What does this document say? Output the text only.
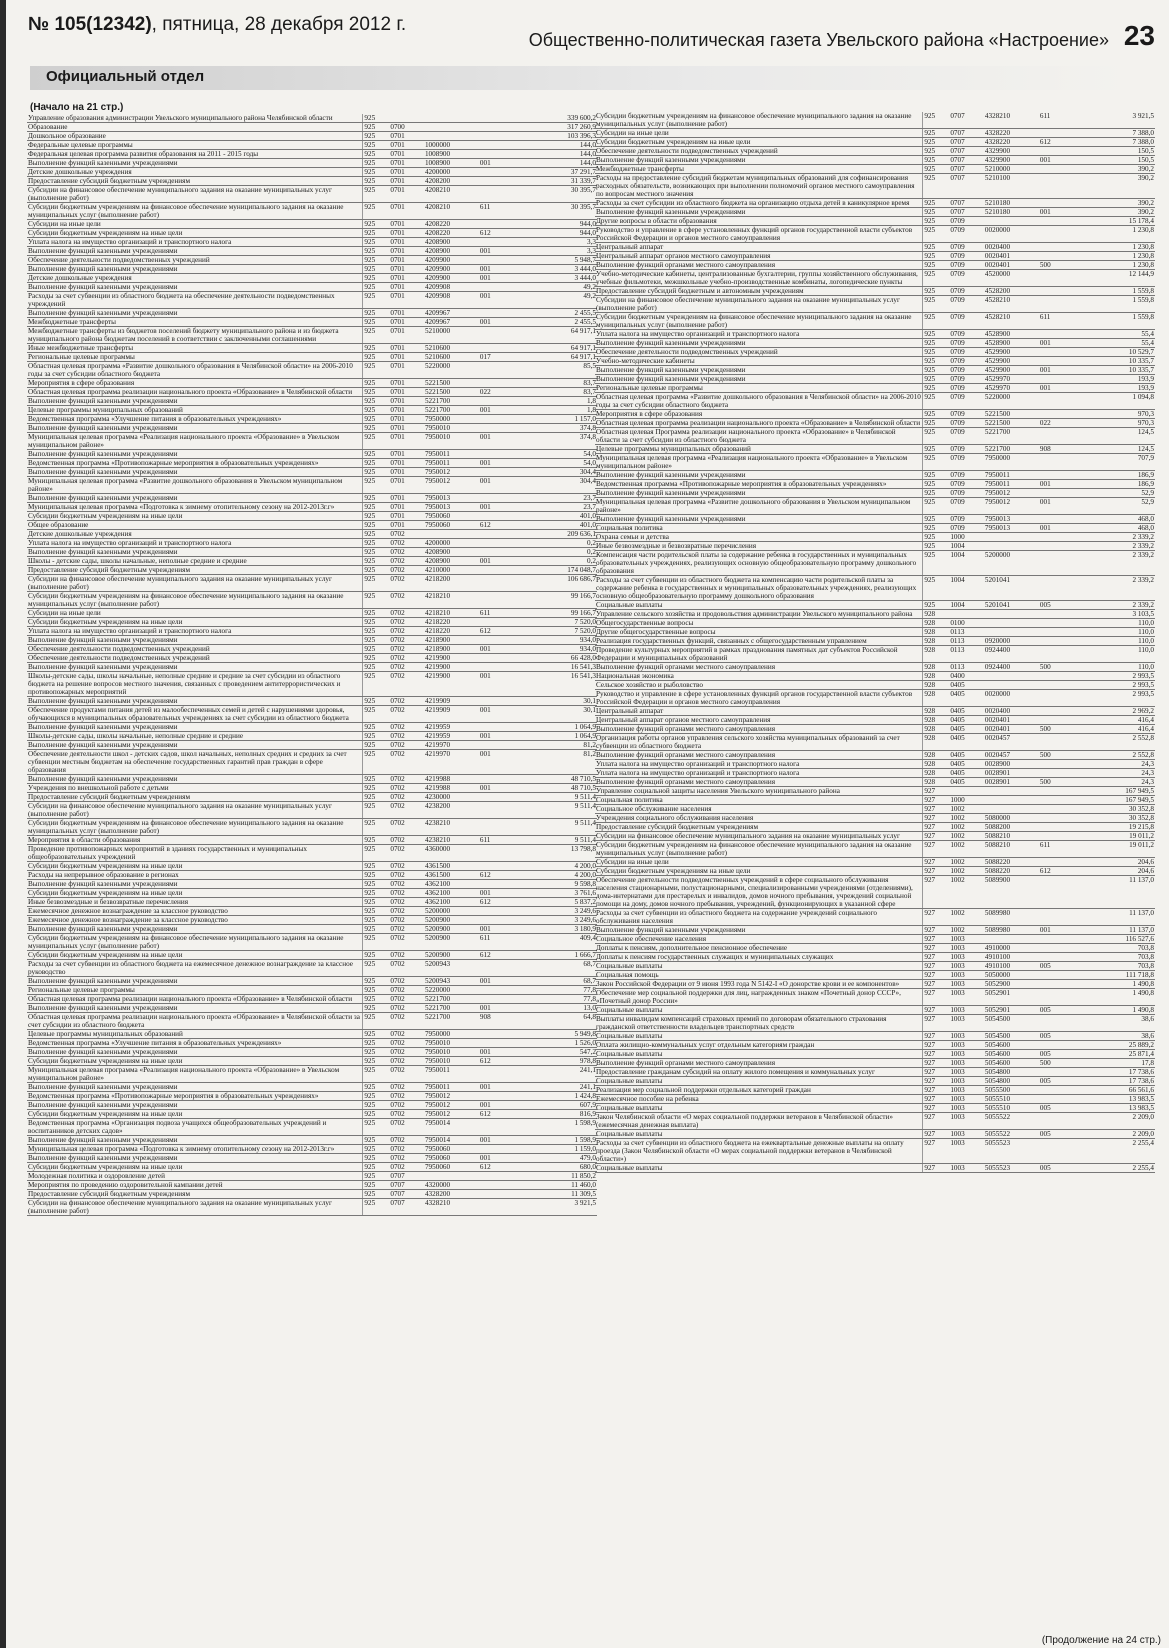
№ 105(12342), пятница, 28 декабря 2012 г.
Общественно-политическая газета Увельского района «Настроение» 23
Официальный отдел
(Начало на 21 стр.)
Управление образования администрации Увельского муниципального района Челябинской области	925				339 600,2
Образование	925	0700			317 260,9
Дошкольное образование	925	0701			103 396,3
Федеральные целевые программы	925	0701	1000000		144,0
Федеральная целевая программа развития образования на 2011 - 2015 годы	925	0701	1008900		144,0
Выполнение функций казенными учреждениями	925	0701	1008900	001	144,0
Детские дошкольные учреждения	925	0701	4200000		37 291,7
Предоставление субсидий бюджетным учреждениям	925	0701	4208200		31 339,7
Субсидии на финансовое обеспечение муниципального задания на оказание муниципальных услуг (выполнение работ)	925	0701	4208210		30 395,7
Субсидии бюджетным учреждениям на финансовое обеспечение муниципального задания на оказание муниципальных услуг (выполнение работ)	925	0701	4208210	611	30 395,7
Субсидии на иные цели	925	0701	4208220		944,0
Субсидии бюджетным учреждениям на иные цели	925	0701	4208220	612	944,0
Уплата налога на имущество организаций и транспортного налога	925	0701	4208900		3,3
Выполнение функций казенными учреждениями	925	0701	4208900	001	3,3
Обеспечение деятельности подведомственных учреждений	925	0701	4209900		5 948,7
Выполнение функций казенными учреждениями	925	0701	4209900	001	3 444,0
Детские дошкольные учреждения	925	0701	4209900	001	3 444,0
Выполнение функций казенными учреждениями	925	0701	4209908		49,2
Расходы за счет субвенции из областного бюджета на обеспечение деятельности подведомственных учреждений	925	0701	4209908	001	49,2
Выполнение функций казенными учреждениями	925	0701	4209967		2 455,5
Межбюджетные трансферты	925	0701	4209967	001	2 455,5
Межбюджетные трансферты из бюджетов поселений бюджету муниципального района и из бюджета муниципального района бюджетам поселений в соответствии с заключенными соглашениями	925	0701	5210000		64 917,1
Иные межбюджетные трансферты	925	0701	5210600		64 917,1
Региональные целевые программы	925	0701	5210600	017	64 917,1
Областная целевая программа «Развитие дошкольного образования в Челябинской области» на 2006-2010 годы за счет субсидии областного бюджета	925	0701	5220000		85,5
Мероприятия в сфере образования	925	0701	5221500		83,7
Областная целевая программа реализации национального проекта «Образование» в Челябинской области	925	0701	5221500	022	83,7
Выполнение функций казенными учреждениями	925	0701	5221700		1,8
Целевые программы муниципальных образований	925	0701	5221700	001	1,8
Ведомственная программа «Улучшение питания в образовательных учреждениях»	925	0701	7950000		1 157,0
Выполнение функций казенными учреждениями	925	0701	7950010		374,8
Муниципальная целевая программа «Реализация национального проекта «Образование» в Увельском муниципальном районе»	925	0701	7950010	001	374,8
Выполнение функций казенными учреждениями	925	0701	7950011		54,0
Ведомственная программа «Противопожарные мероприятия в образовательных учреждениях»	925	0701	7950011	001	54,0
Выполнение функций казенными учреждениями	925	0701	7950012		304,4
Муниципальная целевая программа «Развитие дошкольного образования в Увельском муниципальном районе»	925	0701	7950012	001	304,4
Выполнение функций казенными учреждениями	925	0701	7950013		23,7
Муниципальная целевая программа «Подготовка к зимнему отопительному сезону на 2012-2013г.г»	925	0701	7950013	001	23,7
Субсидии бюджетным учреждениям на иные цели	925	0701	7950060		401,0
Общее образование	925	0701	7950060	612	401,0
Детские дошкольные учреждения	925	0702			209 636,1
Уплата налога на имущество организаций и транспортного налога	925	0702	4200000		0,2
Выполнение функций казенными учреждениями	925	0702	4208900		0,2
Школы - детские сады, школы начальные, неполные средние и средние	925	0702	4208900	001	0,2
Предоставление субсидий бюджетным учреждениям	925	0702	4210000		174 048,7
Субсидии на финансовое обеспечение муниципального задания на оказание муниципальных услуг (выполнение работ)	925	0702	4218200		106 686,7
Субсидии бюджетным учреждениям на финансовое обеспечение муниципального задания на оказание муниципальных услуг (выполнение работ)	925	0702	4218210		99 166,7
Субсидии на иные цели	925	0702	4218210	611	99 166,7
Субсидии бюджетным учреждениям на иные цели	925	0702	4218220		7 520,0
Уплата налога на имущество организаций и транспортного налога	925	0702	4218220	612	7 520,0
Выполнение функций казенными учреждениями	925	0702	4218900		934,0
Обеспечение деятельности подведомственных учреждений	925	0702	4218900	001	934,0
Обеспечение деятельности подведомственных учреждений	925	0702	4219900		66 428,0
Выполнение функций казенными учреждениями	925	0702	4219900		16 541,3
Школы-детские сады, школы начальные, неполные средние и средние за счет субсидии из областного бюджета на решение вопросов местного значения, связанных с проведением антитеррористических и противопожарных мероприятий	925	0702	4219900	001	16 541,3
Выполнение функций казенными учреждениями	925	0702	4219909		30,1
Обеспечение продуктами питания детей из малообеспеченных семей и детей с нарушениями здоровья, обучающихся в муниципальных образовательных учреждениях за счет субсидии из областного бюджета	925	0702	4219909	001	30,1
Выполнение функций казенными учреждениями	925	0702	4219959		1 064,9
Школы-детские сады, школы начальные, неполные средние и средние	925	0702	4219959	001	1 064,9
Выполнение функций казенными учреждениями	925	0702	4219970		81,2
Обеспечение деятельности школ - детских садов, школ начальных, неполных средних и средних за счет субвенции местным бюджетам на обеспечение государственных гарантий прав граждан в сфере образования	925	0702	4219970	001	81,2
Выполнение функций казенными учреждениями	925	0702	4219988		48 710,5
Учреждения по внешкольной работе с детьми	925	0702	4219988	001	48 710,5
Предоставление субсидий бюджетным учреждениям	925	0702	4230000		9 511,4
Субсидии на финансовое обеспечение муниципального задания на оказание муниципальных услуг (выполнение работ)	925	0702	4238200		9 511,4
Субсидии бюджетным учреждениям на финансовое обеспечение муниципального задания на оказание муниципальных услуг (выполнение работ)	925	0702	4238210		9 511,4
Мероприятия в области образования	925	0702	4238210	611	9 511,4
Проведение противопожарных мероприятий в зданиях государственных и муниципальных общеобразовательных учреждений	925	0702	4360000		13 798,8
Субсидии бюджетным учреждениям на иные цели	925	0702	4361500		4 200,0
Расходы на непрерывное образование в регионах	925	0702	4361500	612	4 200,0
Выполнение функций казенными учреждениями	925	0702	4362100		9 598,8
Субсидии бюджетным учреждениям на иные цели	925	0702	4362100	001	3 761,6
Иные безвозмездные и безвозвратные перечисления	925	0702	4362100	612	5 837,2
Ежемесячное денежное вознаграждение за классное руководство	925	0702	5200000		3 249,6
Ежемесячное денежное вознаграждение за классное руководство	925	0702	5200900		3 249,6
Выполнение функций казенными учреждениями	925	0702	5200900	001	3 180,9
Субсидии бюджетным учреждениям на финансовое обеспечение муниципального задания на оказание муниципальных услуг (выполнение работ)	925	0702	5200900	611	409,4
Субсидии бюджетным учреждениям на иные цели	925	0702	5200900	612	1 666,7
Расходы за счет субвенции из областного бюджета на ежемесячное денежное вознаграждение за классное руководство	925	0702	5200943		68,7
Выполнение функций казенными учреждениями	925	0702	5200943	001	68,7
Региональные целевые программы	925	0702	5220000		77,8
Областная целевая программа реализации национального проекта «Образование» в Челябинской области	925	0702	5221700		77,8
Выполнение функций казенными учреждениями	925	0702	5221700	001	13,0
Областная целевая программа реализации национального проекта «Образование» в Челябинской области за счет субсидии из областного бюджета	925	0702	5221700	908	64,8
Целевые программы муниципальных образований	925	0702	7950000		5 949,8
Ведомственная программа «Улучшение питания в образовательных учреждениях»	925	0702	7950010		1 526,0
Выполнение функций казенными учреждениями	925	0702	7950010	001	547,2
Субсидии бюджетным учреждениям на иные цели	925	0702	7950010	612	978,8
Муниципальная целевая программа «Реализация национального проекта «Образование» в Увельском муниципальном районе»	925	0702	7950011		241,1
Выполнение функций казенными учреждениями	925	0702	7950011	001	241,1
Ведомственная программа «Противопожарные мероприятия в образовательных учреждениях»	925	0702	7950012		1 424,8
Выполнение функций казенными учреждениями	925	0702	7950012	001	607,9
Субсидии бюджетным учреждениям на иные цели	925	0702	7950012	612	816,9
Ведомственная программа «Организация подвоза учащихся общеобразовательных учреждений и воспитанников детских садов»	925	0702	7950014		1 598,9
Выполнение функций казенными учреждениями	925	0702	7950014	001	1 598,9
Муниципальная целевая программа «Подготовка к зимнему отопительному сезону на 2012-2013г.г»	925	0702	7950060		1 159,0
Выполнение функций казенными учреждениями	925	0702	7950060	001	479,0
Субсидии бюджетным учреждениям на иные цели	925	0702	7950060	612	680,0
Молодежная политика и оздоровление детей	925	0707			11 850,2
Мероприятия по проведению оздоровительной кампании детей	925	0707	4320000		11 460,0
Предоставление субсидий бюджетным учреждениям	925	0707	4328200		11 309,5
Субсидии на финансовое обеспечение муниципального задания на оказание муниципальных услуг (выполнение работ)	925	0707	4328210		3 921,5
Субсидии бюджетным учреждениям на финансовое обеспечение муниципального задания на оказание муниципальных услуг (выполнение работ)	925	0707	4328210	611	3 921,5
Субсидии на иные цели	925	0707	4328220		7 388,0
Субсидии бюджетным учреждениям на иные цели	925	0707	4328220	612	7 388,0
Обеспечение деятельности подведомственных учреждений	925	0707	4329900		150,5
Выполнение функций казенными учреждениями	925	0707	4329900	001	150,5
Межбюджетные трансферты	925	0707	5210000		390,2
Расходы на предоставление субсидий бюджетам муниципальных образований для софинансирования расходных обязательств, возникающих при выполнении полномочий органов местного самоуправления по вопросам местного значения	925	0707	5210100		390,2
Расходы за счет субсидии из областного бюджета на организацию отдыха детей в каникулярное время	925	0707	5210180		390,2
Выполнение функций казенными учреждениями	925	0707	5210180	001	390,2
Другие вопросы в области образования	925	0709			15 178,4
Руководство и управление в сфере установленных функций органов государственной власти субъектов Российской Федерации и органов местного самоуправления	925	0709	0020000		1 230,8
Центральный аппарат	925	0709	0020400		1 230,8
Центральный аппарат органов местного самоуправления	925	0709	0020401		1 230,8
Выполнение функций органами местного самоуправления	925	0709	0020401	500	1 230,8
Учебно-методические кабинеты, централизованные бухгалтерии, группы хозяйственного обслуживания, учебные фильмотеки, межшкольные учебно-производственные комбинаты, логопедические пункты	925	0709	4520000		12 144,9
Предоставление субсидий бюджетным и автономным учреждениям	925	0709	4528200		1 559,8
Субсидии на финансовое обеспечение муниципального задания на оказание муниципальных услуг (выполнение работ)	925	0709	4528210		1 559,8
Субсидии бюджетным учреждениям на финансовое обеспечение муниципального задания на оказание муниципальных услуг (выполнение работ)	925	0709	4528210	611	1 559,8
Уплата налога на имущество организаций и транспортного налога	925	0709	4528900		55,4
Выполнение функций казенными учреждениями	925	0709	4528900	001	55,4
Обеспечение деятельности подведомственных учреждений	925	0709	4529900		10 529,7
Учебно-методические кабинеты	925	0709	4529900		10 335,7
Выполнение функций казенными учреждениями	925	0709	4529900	001	10 335,7
Выполнение функций казенными учреждениями	925	0709	4529970		193,9
Региональные целевые программы	925	0709	4529970	001	193,9
Областная целевая программа «Развитие дошкольного образования в Челябинской области» на 2006-2010 годы за счет субсидии областного бюджета	925	0709	5220000		1 094,8
Мероприятия в сфере образования	925	0709	5221500		970,3
Областная целевая программа реализации национального проекта «Образование» в Челябинской области	925	0709	5221500	022	970,3
Областная целевая Программа реализации национального проекта «Образование» в Челябинской области за счет субсидии из областного бюджета	925	0709	5221700		124,5
Целевые программы муниципальных образований	925	0709	5221700	908	124,5
Муниципальная целевая программа «Реализация национального проекта «Образование» в Увельском муниципальном районе»	925	0709	7950000		707,9
Выполнение функций казенными учреждениями	925	0709	7950011		186,9
Ведомственная программа «Противопожарные мероприятия в образовательных учреждениях»	925	0709	7950011	001	186,9
Выполнение функций казенными учреждениями	925	0709	7950012		52,9
Муниципальная целевая программа «Развитие дошкольного образования в Увельском муниципальном районе»	925	0709	7950012	001	52,9
Выполнение функций казенными учреждениями	925	0709	7950013		468,0
Социальная политика	925	0709	7950013	001	468,0
Охрана семьи и детства	925	1000			2 339,2
Иные безвозмездные и безвозвратные перечисления	925	1004			2 339,2
Компенсация части родительской платы за содержание ребенка в государственных и муниципальных образовательных учреждениях, реализующих основную общеобразовательную программу дошкольного образования	925	1004	5200000		2 339,2
Расходы за счет субвенции из областного бюджета на компенсацию части родительской платы за содержание ребенка в государственных и муниципальных образовательных учреждениях, реализующих основную общеобразовательную программу дошкольного образования	925	1004	5201041		2 339,2
Социальные выплаты	925	1004	5201041	005	2 339,2
Управление сельского хозяйства и продовольствия администрации Увельского муниципального района	928				3 103,5
Общегосударственные вопросы	928	0100			110,0
Другие общегосударственные вопросы	928	0113			110,0
Реализация государственных функций, связанных с общегосударственным управлением	928	0113	0920000		110,0
Проведение культурных мероприятий в рамках празднования памятных дат субъектов Российской Федерации и муниципальных образований	928	0113	0924400		110,0
Выполнение функций органами местного самоуправления	928	0113	0924400	500	110,0
Национальная экономика	928	0400			2 993,5
Сельское хозяйство и рыболовство	928	0405			2 993,5
Руководство и управление в сфере установленных функций органов государственной власти субъектов Российской Федерации и органов местного самоуправления	928	0405	0020000		2 993,5
Центральный аппарат	928	0405	0020400		2 969,2
Центральный аппарат органов местного самоуправления	928	0405	0020401		416,4
Выполнение функций органами местного самоуправления	928	0405	0020401	500	416,4
Организация работы органов управления сельского хозяйства муниципальных образований за счет субвенции из областного бюджета	928	0405	0020457		2 552,8
Выполнение функций органами местного самоуправления	928	0405	0020457	500	2 552,8
Уплата налога на имущество организаций и транспортного налога	928	0405	0028900		24,3
Уплата налога на имущество организаций и транспортного налога	928	0405	0028901		24,3
Выполнение функций органами местного самоуправления	928	0405	0028901	500	24,3
Управление социальной защиты населения Увельского муниципального района	927				167 949,5
Социальная политика	927	1000			167 949,5
Социальное обслуживание населения	927	1002			30 352,8
Учреждения социального обслуживания населения	927	1002	5080000		30 352,8
Предоставление субсидий бюджетным учреждениям	927	1002	5088200		19 215,8
Субсидии на финансовое обеспечение муниципального задания на оказание муниципальных услуг	927	1002	5088210		19 011,2
Субсидии бюджетным учреждениям на финансовое обеспечение муниципального задания на оказание муниципальных услуг (выполнение работ)	927	1002	5088210	611	19 011,2
Субсидии на иные цели	927	1002	5088220		204,6
Субсидии бюджетным учреждениям на иные цели	927	1002	5088220	612	204,6
Обеспечение деятельности подведомственных учреждений в сфере социального обслуживания населения стационарными, полустационарными, специализированными учреждениями (отделениями), дома-интернатами для престарелых и инвалидов, домов ночного пребывания, учреждений социальной помощи на дому, домов ночного пребывания, учреждений, функционирующих в указанной сфере	927	1002	5089900		11 137,0
Расходы за счет субвенции из областного бюджета на содержание учреждений социального обслуживания населения	927	1002	5089980		11 137,0
Выполнение функций казенными учреждениями	927	1002	5089980	001	11 137,0
Социальное обеспечение населения	927	1003			116 527,6
Доплаты к пенсиям, дополнительное пенсионное обеспечение	927	1003	4910000		703,8
Доплаты к пенсиям государственных служащих и муниципальных служащих	927	1003	4910100		703,8
Социальные выплаты	927	1003	4910100	005	703,8
Социальная помощь	927	1003	5050000		111 718,8
Закон Российской Федерации от 9 июня 1993 года N 5142-I «О донорстве крови и ее компонентов»	927	1003	5052900		1 490,8
Обеспечение мер социальной поддержки для лиц, награжденных знаком «Почетный донор СССР», «Почетный донор России»	927	1003	5052901		1 490,8
Социальные выплаты	927	1003	5052901	005	1 490,8
Выплаты инвалидам компенсаций страховых премий по договорам обязательного страхования гражданской ответственности владельцев транспортных средств	927	1003	5054500		38,6
Социальные выплаты	927	1003	5054500	005	38,6
Оплата жилищно-коммунальных услуг отдельным категориям граждан	927	1003	5054600		25 889,2
Социальные выплаты	927	1003	5054600	005	25 871,4
Выполнение функций органами местного самоуправления	927	1003	5054600	500	17,8
Предоставление гражданам субсидий на оплату жилого помещения и коммунальных услуг	927	1003	5054800		17 738,6
Социальные выплаты	927	1003	5054800	005	17 738,6
Реализация мер социальной поддержки отдельных категорий граждан	927	1003	5055500		66 561,6
Ежемесячное пособие на ребенка	927	1003	5055510		13 983,5
Социальные выплаты	927	1003	5055510	005	13 983,5
Закон Челябинской области «О мерах социальной поддержки ветеранов в Челябинской области» (ежемесячная денежная выплата)	927	1003	5055522		2 209,0
Социальные выплаты	927	1003	5055522	005	2 209,0
Расходы за счет субвенции из областного бюджета на ежеквартальные денежные выплаты на оплату проезда (Закон Челябинской области «О мерах социальной поддержки ветеранов в Челябинской области»)	927	1003	5055523		2 255,4
Социальные выплаты	927	1003	5055523	005	2 255,4
(Продолжение на 24 стр.)
